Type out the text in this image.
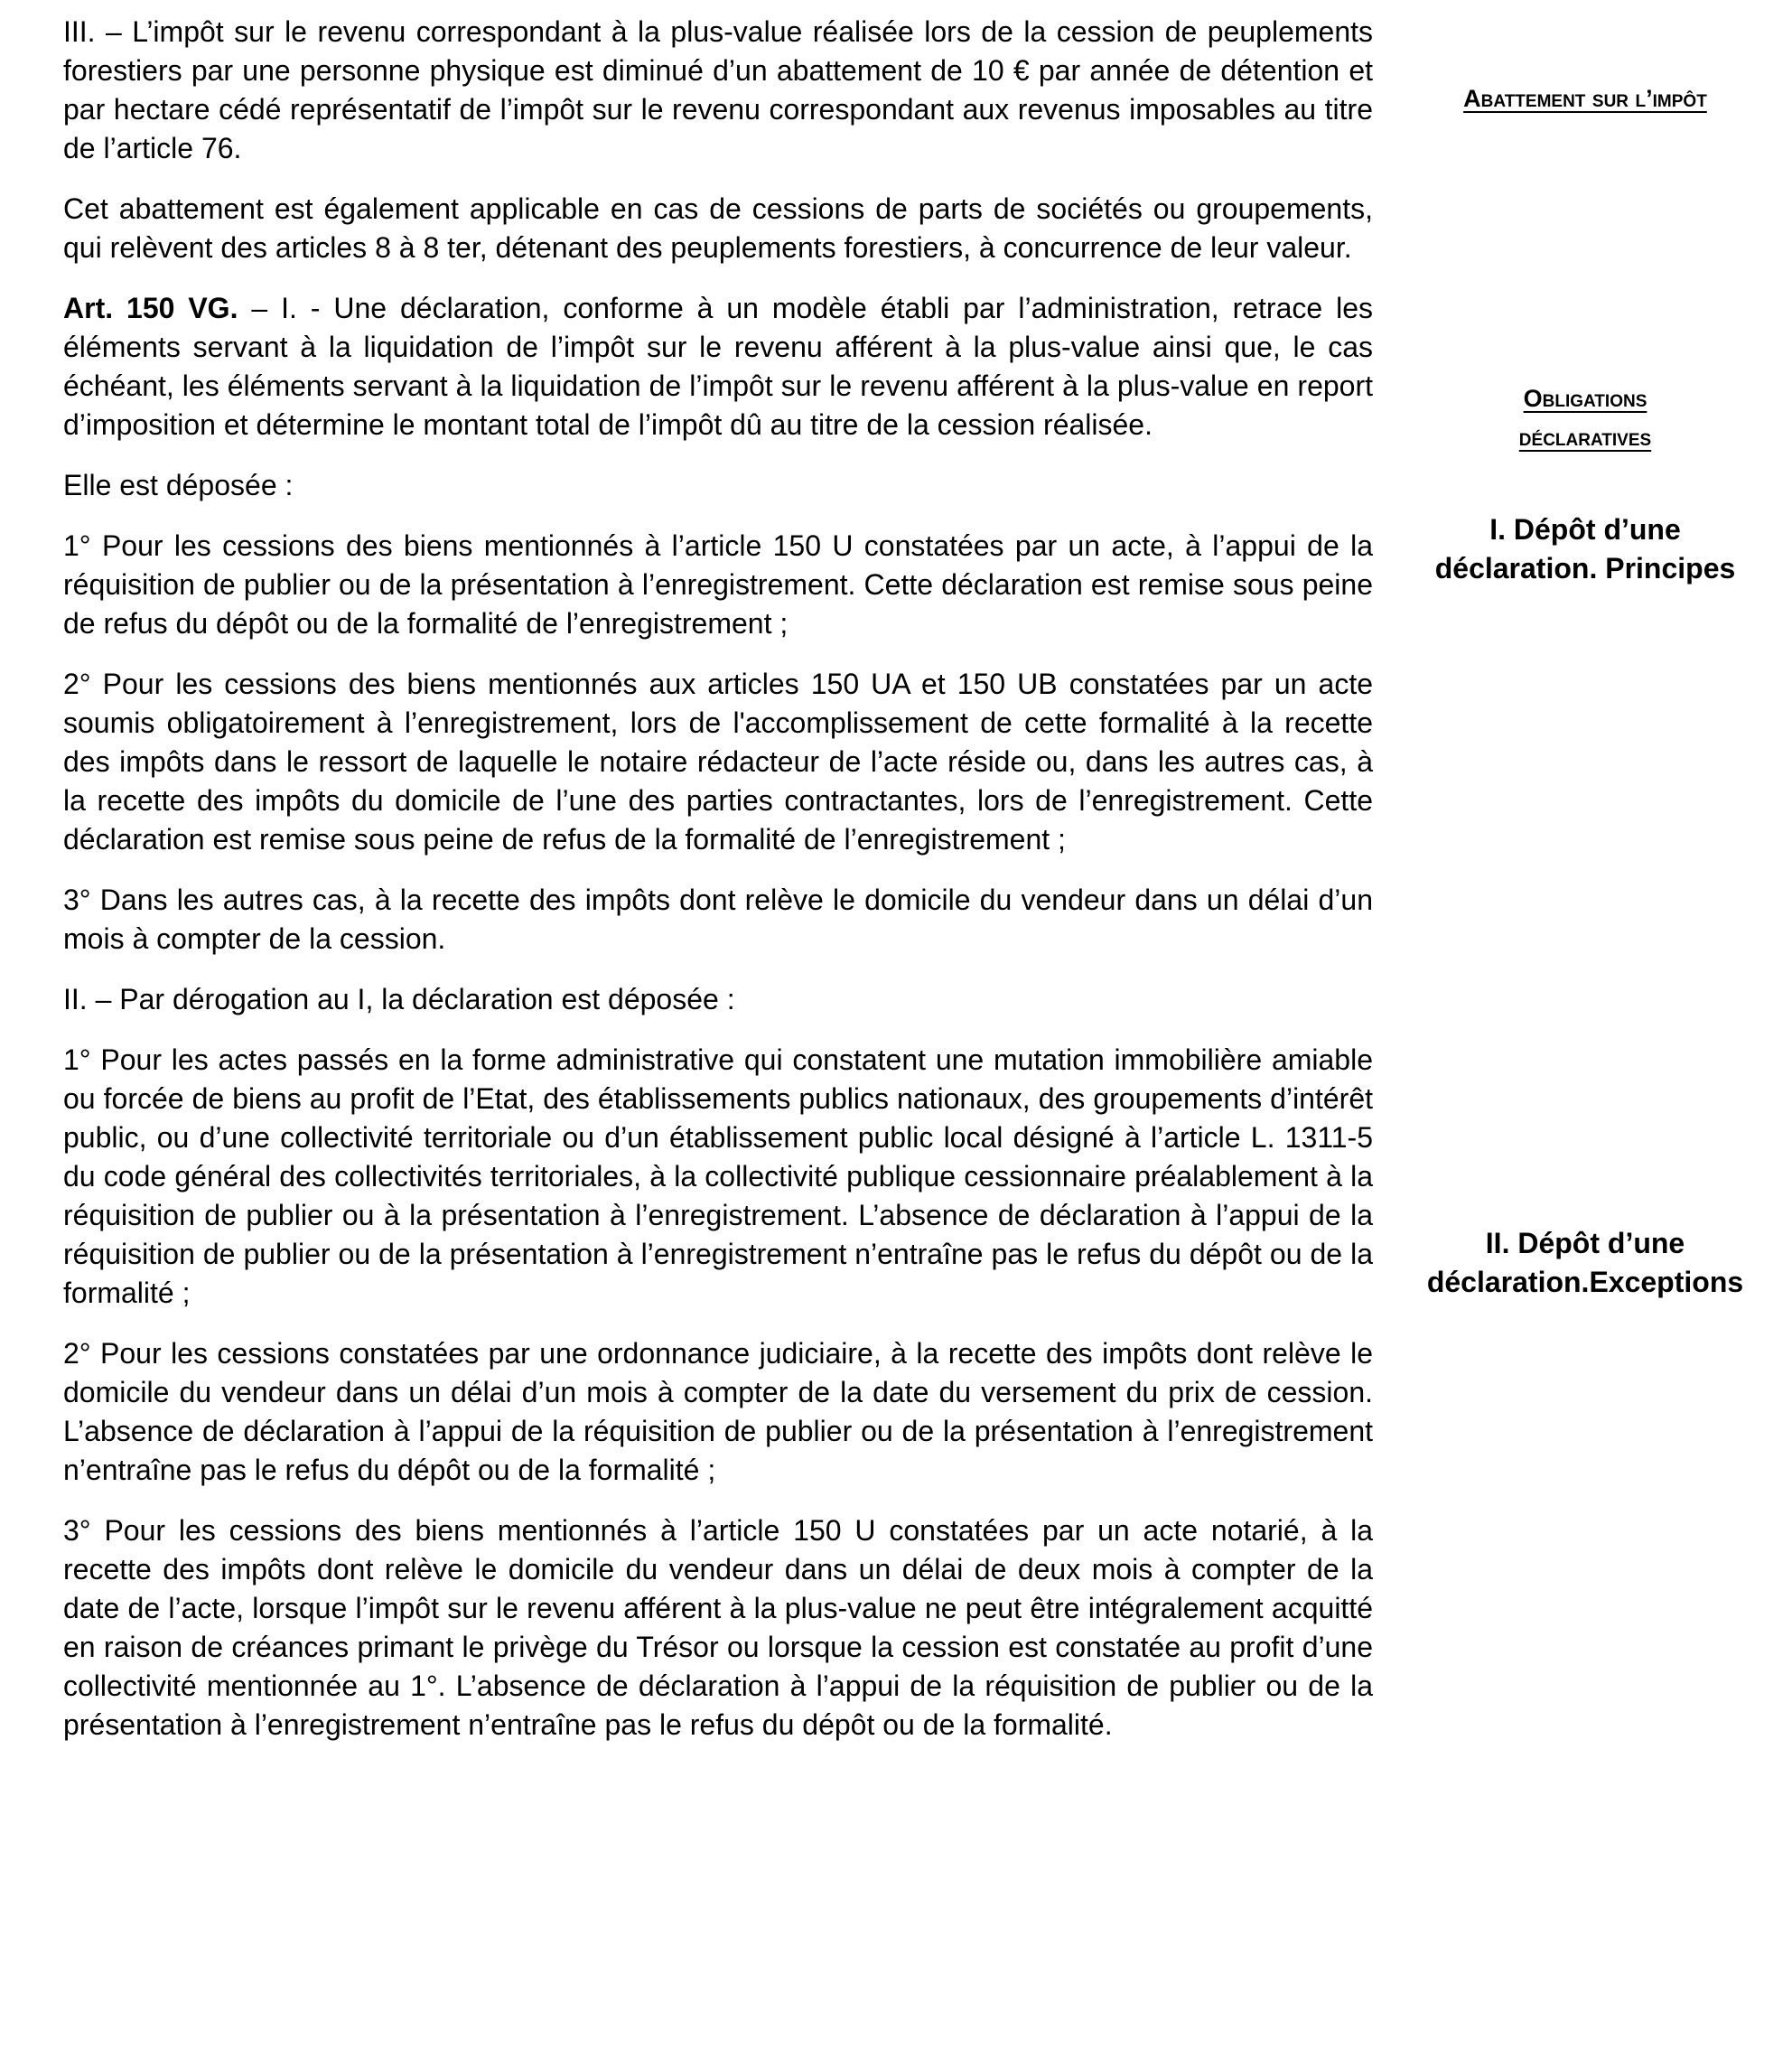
III. – L’impôt sur le revenu correspondant à la plus-value réalisée lors de la cession de peuplements forestiers par une personne physique est diminué d’un abattement de 10 € par année de détention et par hectare cédé représentatif de l’impôt sur le revenu correspondant aux revenus imposables au titre de l’article 76.

Cet abattement est également applicable en cas de cessions de parts de sociétés ou groupements, qui relèvent des articles 8 à 8 ter, détenant des peuplements forestiers, à concurrence de leur valeur.

Art. 150 VG. – I. - Une déclaration, conforme à un modèle établi par l’administration, retrace les éléments servant à la liquidation de l’impôt sur le revenu afférent à la plus-value ainsi que, le cas échéant, les éléments servant à la liquidation de l’impôt sur le revenu afférent à la plus-value en report d’imposition et détermine le montant total de l’impôt dû au titre de la cession réalisée.

Elle est déposée :

1° Pour les cessions des biens mentionnés à l’article 150 U constatées par un acte, à l’appui de la réquisition de publier ou de la présentation à l’enregistrement. Cette déclaration est remise sous peine de refus du dépôt ou de la formalité de l’enregistrement ;

2° Pour les cessions des biens mentionnés aux articles 150 UA et 150 UB constatées par un acte soumis obligatoirement à l’enregistrement, lors de l'accomplissement de cette formalité à la recette des impôts dans le ressort de laquelle le notaire rédacteur de l’acte réside ou, dans les autres cas, à la recette des impôts du domicile de l’une des parties contractantes, lors de l’enregistrement. Cette déclaration est remise sous peine de refus de la formalité de l’enregistrement ;

3° Dans les autres cas, à la recette des impôts dont relève le domicile du vendeur dans un délai d’un mois à compter de la cession.

II. – Par dérogation au I, la déclaration est déposée :

1° Pour les actes passés en la forme administrative qui constatent une mutation immobilière amiable ou forcée de biens au profit de l’Etat, des établissements publics nationaux, des groupements d’intérêt public, ou d’une collectivité territoriale ou d’un établissement public local désigné à l’article L. 1311-5 du code général des collectivités territoriales, à la collectivité publique cessionnaire préalablement à la réquisition de publier ou à la présentation à l’enregistrement. L’absence de déclaration à l’appui de la réquisition de publier ou de la présentation à l’enregistrement n’entraîne pas le refus du dépôt ou de la formalité ;

2° Pour les cessions constatées par une ordonnance judiciaire, à la recette des impôts dont relève le domicile du vendeur dans un délai d’un mois à compter de la date du versement du prix de cession. L’absence de déclaration à l’appui de la réquisition de publier ou de la présentation à l’enregistrement n’entraîne pas le refus du dépôt ou de la formalité ;

3° Pour les cessions des biens mentionnés à l’article 150 U constatées par un acte notarié, à la recette des impôts dont relève le domicile du vendeur dans un délai de deux mois à compter de la date de l’acte, lorsque l’impôt sur le revenu afférent à la plus-value ne peut être intégralement acquitté en raison de créances primant le privège du Trésor ou lorsque la cession est constatée au profit d’une collectivité mentionnée au 1°. L’absence de déclaration à l’appui de la réquisition de publier ou de la présentation à l’enregistrement n’entraîne pas le refus du dépôt ou de la formalité.

Abattement sur l’impôt
Obligations
déclaratives
I. Dépôt d’une
déclaration. Principes
II. Dépôt d’une
déclaration.Exceptions
